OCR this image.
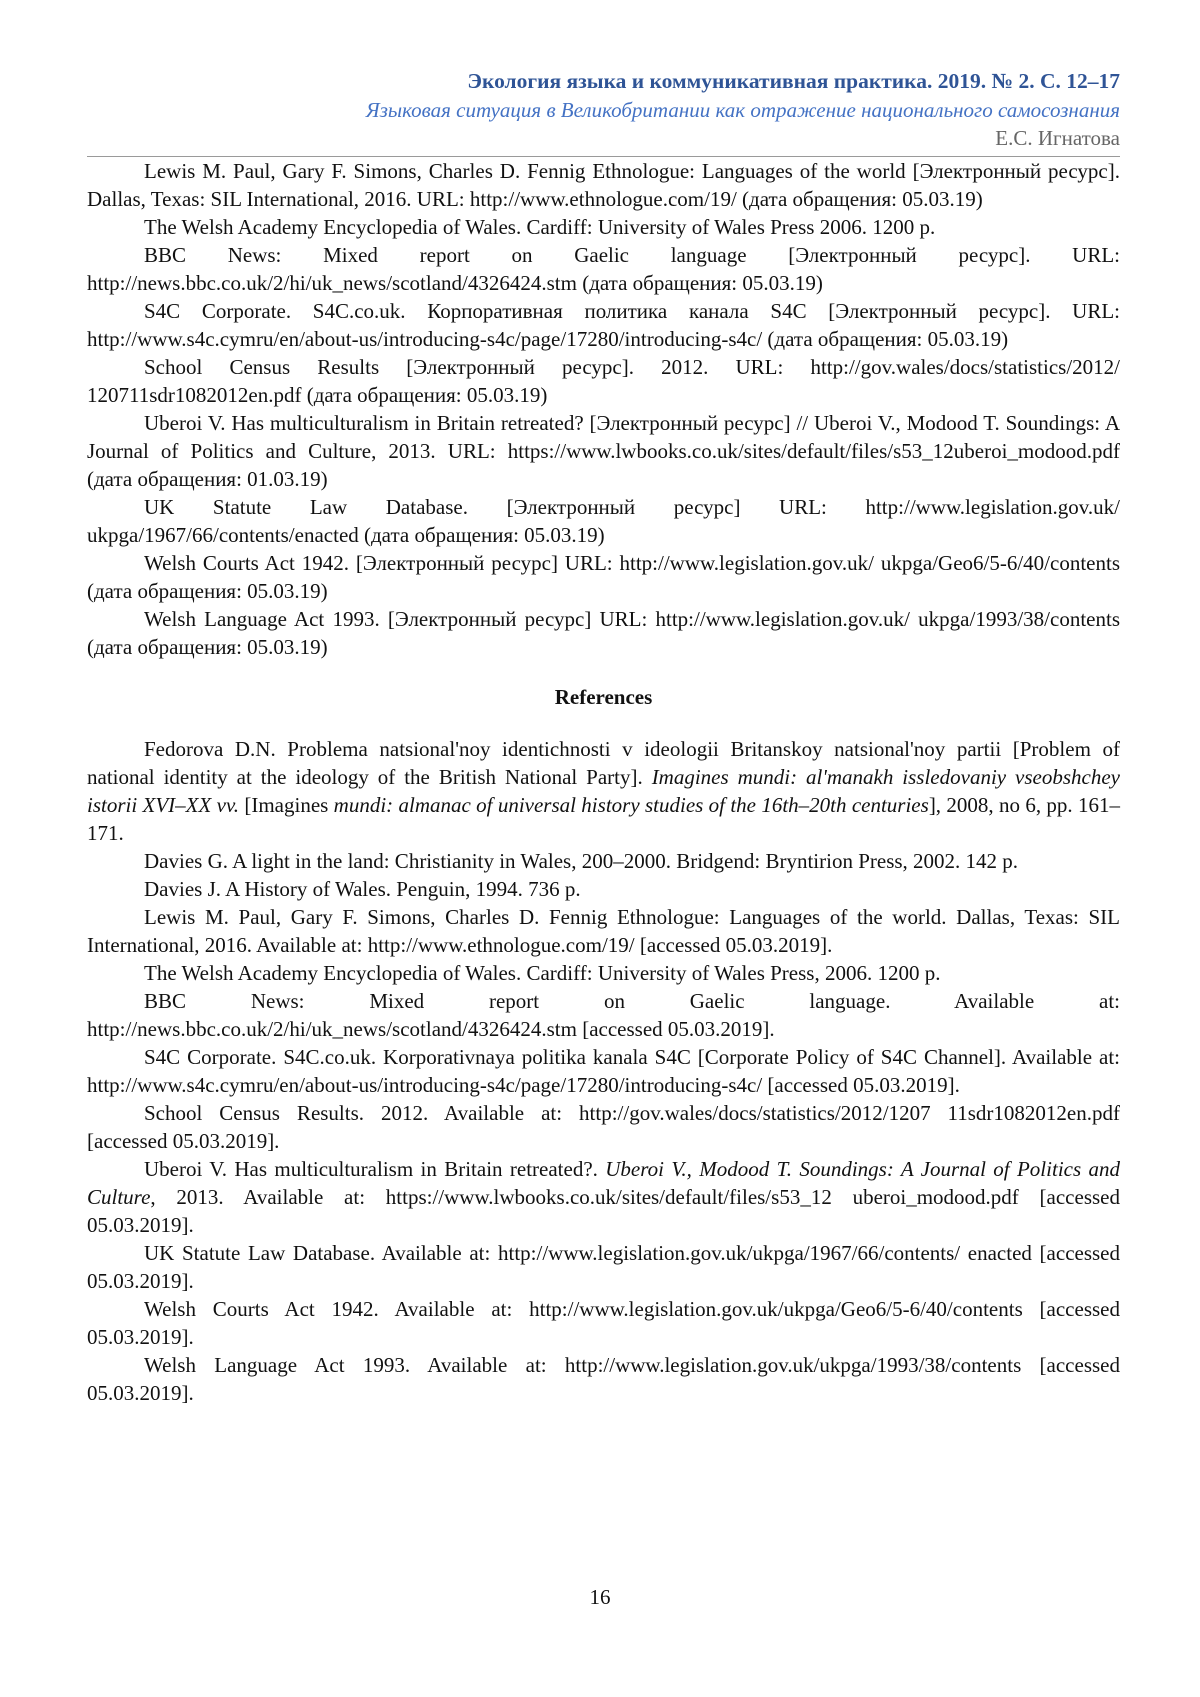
Экология языка и коммуникативная практика. 2019. № 2. С. 12–17
Языковая ситуация в Великобритании как отражение национального самосознания
Е.С. Игнатова

Lewis M. Paul, Gary F. Simons, Charles D. Fennig Ethnologue: Languages of the world [Электронный ресурс]. Dallas, Texas: SIL International, 2016. URL: http://www.ethnologue.com/19/ (дата обращения: 05.03.19)

The Welsh Academy Encyclopedia of Wales. Cardiff: University of Wales Press 2006. 1200 p.

BBC News: Mixed report on Gaelic language [Электронный ресурс]. URL: http://news.bbc.co.uk/2/hi/uk_news/scotland/4326424.stm (дата обращения: 05.03.19)

S4C Corporate. S4C.co.uk. Корпоративная политика канала S4C [Электронный ресурс]. URL: http://www.s4c.cymru/en/about-us/introducing-s4c/page/17280/introducing-s4c/ (дата обращения: 05.03.19)

School Census Results [Электронный ресурс]. 2012. URL: http://gov.wales/docs/statistics/2012/ 120711sdr1082012en.pdf (дата обращения: 05.03.19)

Uberoi V. Has multiculturalism in Britain retreated? [Электронный ресурс] // Uberoi V., Modood T. Soundings: A Journal of Politics and Culture, 2013. URL: https://www.lwbooks.co.uk/sites/default/files/s53_12uberoi_modood.pdf (дата обращения: 01.03.19)

UK Statute Law Database. [Электронный ресурс] URL: http://www.legislation.gov.uk/ ukpga/1967/66/contents/enacted (дата обращения: 05.03.19)

Welsh Courts Act 1942. [Электронный ресурс] URL: http://www.legislation.gov.uk/ ukpga/Geo6/5-6/40/contents (дата обращения: 05.03.19)

Welsh Language Act 1993. [Электронный ресурс] URL: http://www.legislation.gov.uk/ ukpga/1993/38/contents (дата обращения: 05.03.19)

References

Fedorova D.N. Problema natsional'noy identichnosti v ideologii Britanskoy natsional'noy partii [Problem of national identity at the ideology of the British National Party]. Imagines mundi: al'manakh issledovaniy vseobshchey istorii XVI–XX vv. [Imagines mundi: almanac of universal history studies of the 16th–20th centuries], 2008, no 6, pp. 161–171.

Davies G. A light in the land: Christianity in Wales, 200–2000. Bridgend: Bryntirion Press, 2002. 142 p.

Davies J. A History of Wales. Penguin, 1994. 736 p.

Lewis M. Paul, Gary F. Simons, Charles D. Fennig Ethnologue: Languages of the world. Dallas, Texas: SIL International, 2016. Available at: http://www.ethnologue.com/19/ [accessed 05.03.2019].

The Welsh Academy Encyclopedia of Wales. Cardiff: University of Wales Press, 2006. 1200 p.

BBC News: Mixed report on Gaelic language. Available at: http://news.bbc.co.uk/2/hi/uk_news/scotland/4326424.stm [accessed 05.03.2019].

S4C Corporate. S4C.co.uk. Korporativnaya politika kanala S4C [Corporate Policy of S4C Channel]. Available at: http://www.s4c.cymru/en/about-us/introducing-s4c/page/17280/introducing-s4c/ [accessed 05.03.2019].

School Census Results. 2012. Available at: http://gov.wales/docs/statistics/2012/1207 11sdr1082012en.pdf [accessed 05.03.2019].

Uberoi V. Has multiculturalism in Britain retreated?. Uberoi V., Modood T. Soundings: A Journal of Politics and Culture, 2013. Available at: https://www.lwbooks.co.uk/sites/default/files/s53_12 uberoi_modood.pdf [accessed 05.03.2019].

UK Statute Law Database. Available at: http://www.legislation.gov.uk/ukpga/1967/66/contents/ enacted [accessed 05.03.2019].

Welsh Courts Act 1942. Available at: http://www.legislation.gov.uk/ukpga/Geo6/5-6/40/contents [accessed 05.03.2019].

Welsh Language Act 1993. Available at: http://www.legislation.gov.uk/ukpga/1993/38/contents [accessed 05.03.2019].

16
